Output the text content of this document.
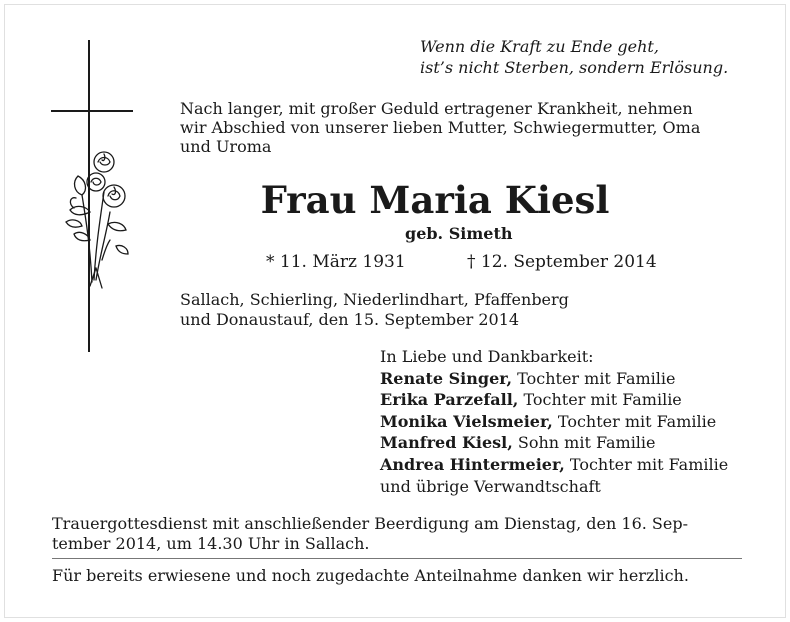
Wenn die Kraft zu Ende geht,
ist’s nicht Sterben, sondern Erlösung.
Nach langer, mit großer Geduld ertragener Krankheit, nehmen
wir Abschied von unserer lieben Mutter, Schwiegermutter, Oma
und Uroma
Frau Maria Kiesl
geb. Simeth
* 11. März 1931	† 12. September 2014
Sallach, Schierling, Niederlindhart, Pfaffenberg
und Donaustauf, den 15. September 2014
In Liebe und Dankbarkeit:
Renate Singer, Tochter mit Familie
Erika Parzefall, Tochter mit Familie
Monika Vielsmeier, Tochter mit Familie
Manfred Kiesl, Sohn mit Familie
Andrea Hintermeier, Tochter mit Familie
und übrige Verwandtschaft
Trauergottesdienst mit anschließender Beerdigung am Dienstag, den 16. Sep-
tember 2014, um 14.30 Uhr in Sallach.
Für bereits erwiesene und noch zugedachte Anteilnahme danken wir herzlich.
